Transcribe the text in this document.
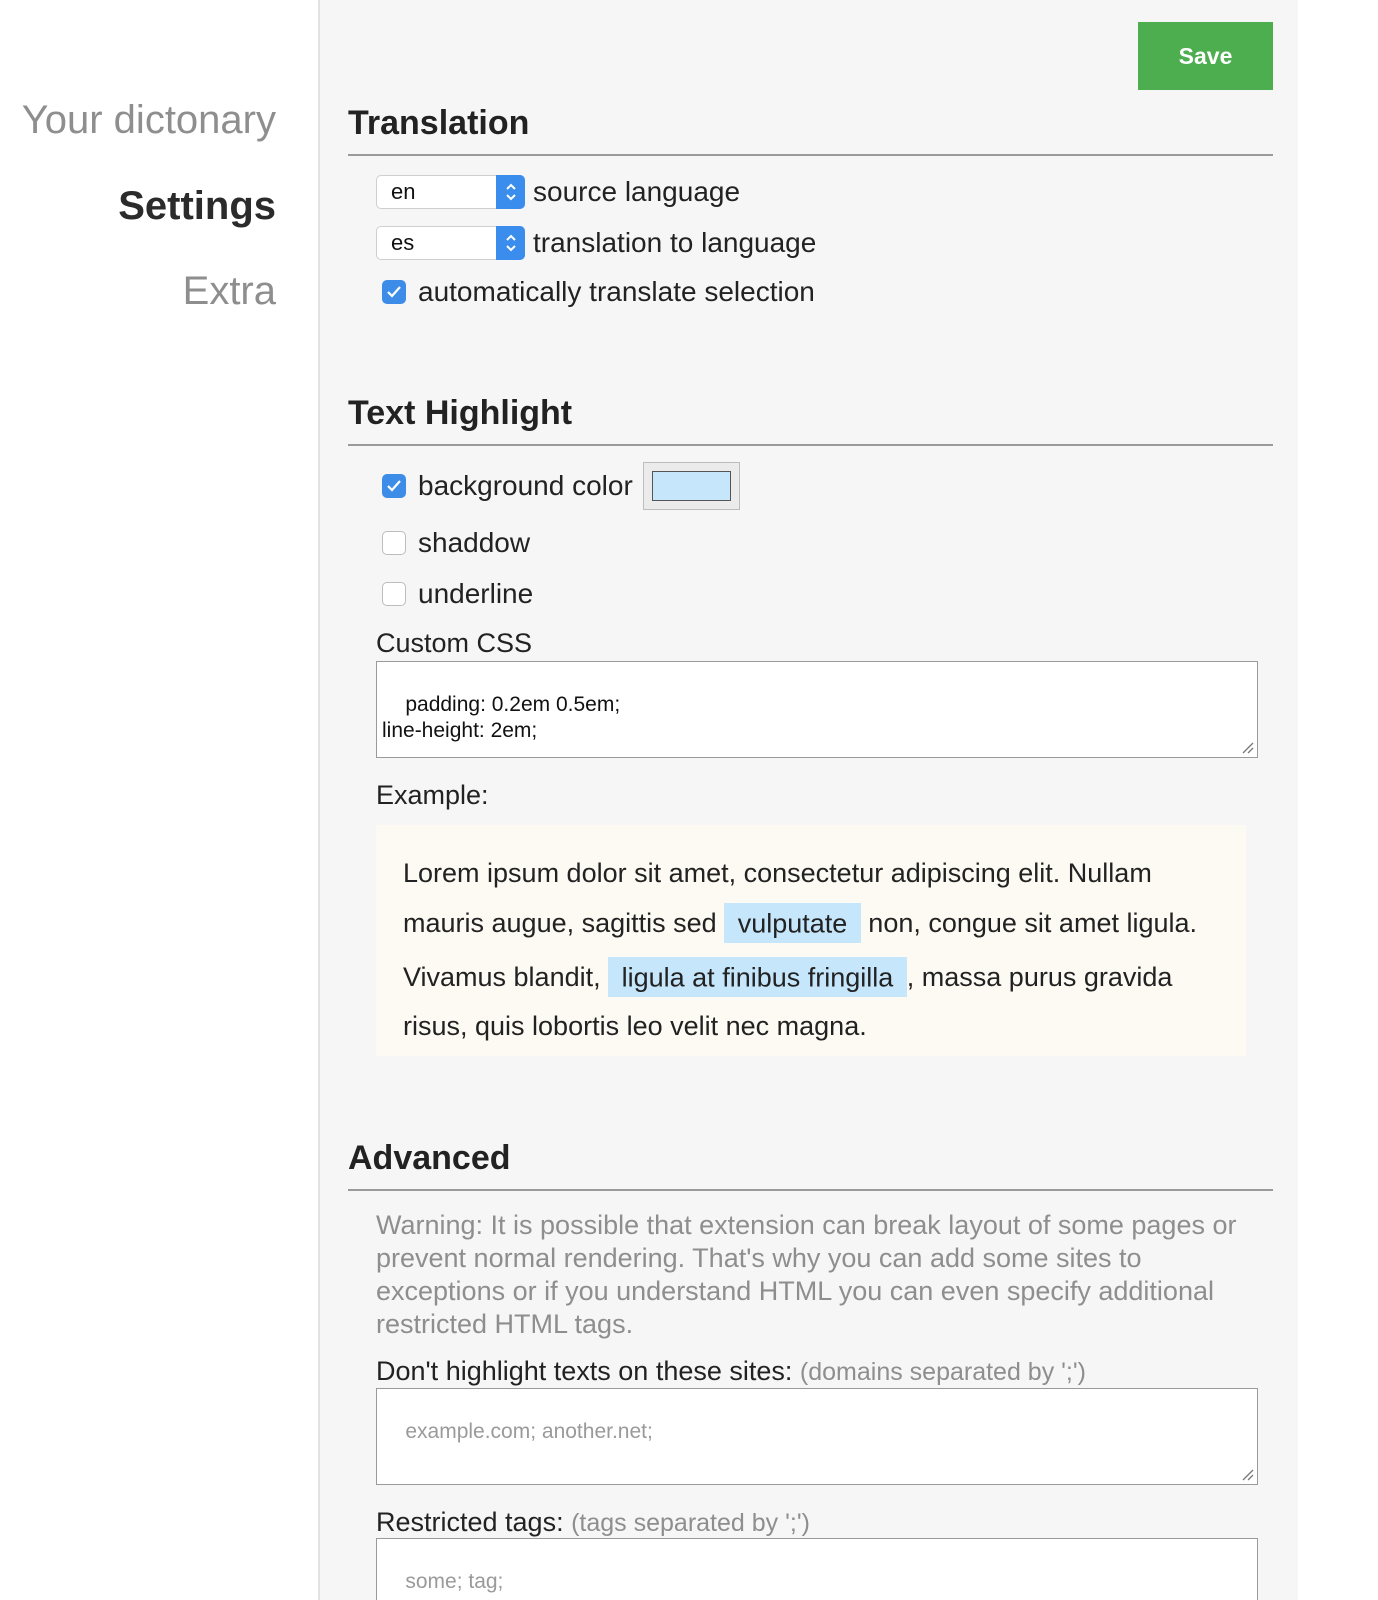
Your dictonary
Settings
Extra
Save
Translation
en	source language
es	translation to language
automatically translate selection
Text Highlight
background color
shaddow
underline
Custom CSS

padding: 0.2em 0.5em;
line-height: 2em;

Example:
Lorem ipsum dolor sit amet, consectetur adipiscing elit. Nullam mauris augue, sagittis sed vulputate non, congue sit amet ligula. Vivamus blandit, ligula at finibus fringilla , massa purus gravida risus, quis lobortis leo velit nec magna.
Advanced
Warning: It is possible that extension can break layout of some pages or prevent normal rendering. That's why you can add some sites to exceptions or if you understand HTML you can even specify additional restricted HTML tags.
Don't highlight texts on these sites: (domains separated by ';')

example.com; another.net;

Restricted tags: (tags separated by ';')

some; tag;
